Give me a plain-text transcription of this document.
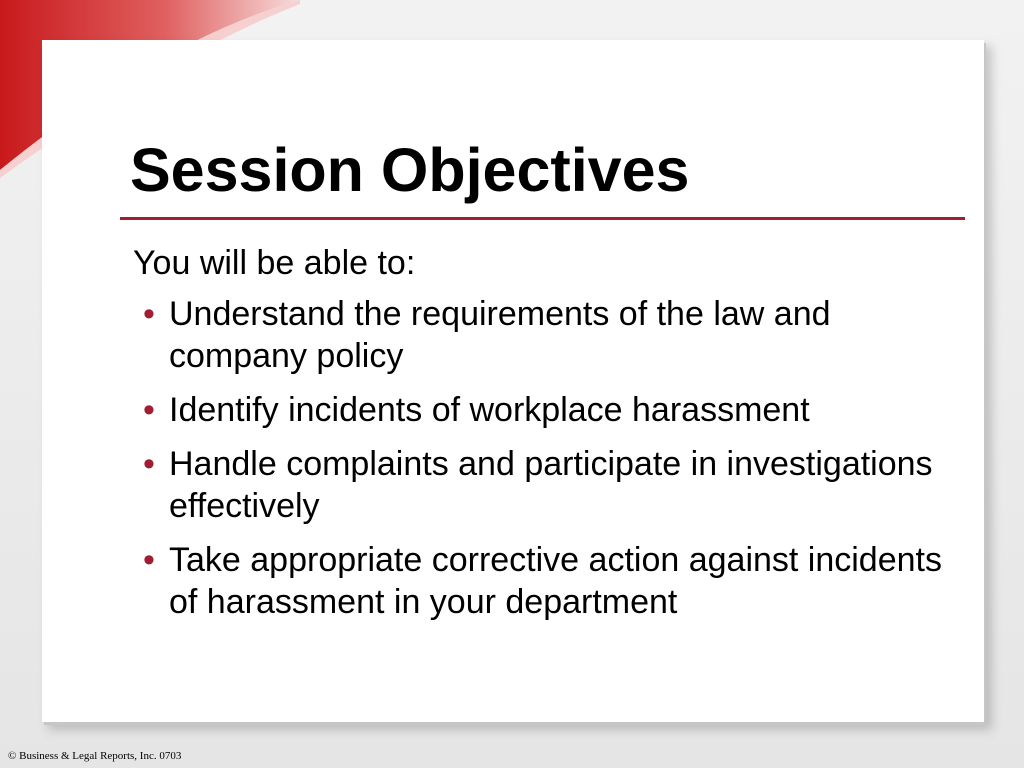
Session Objectives
You will be able to:
• Understand the requirements of the law and company policy
• Identify incidents of workplace harassment
• Handle complaints and participate in investigations effectively
• Take appropriate corrective action against incidents of harassment in your department
© Business & Legal Reports, Inc. 0703
